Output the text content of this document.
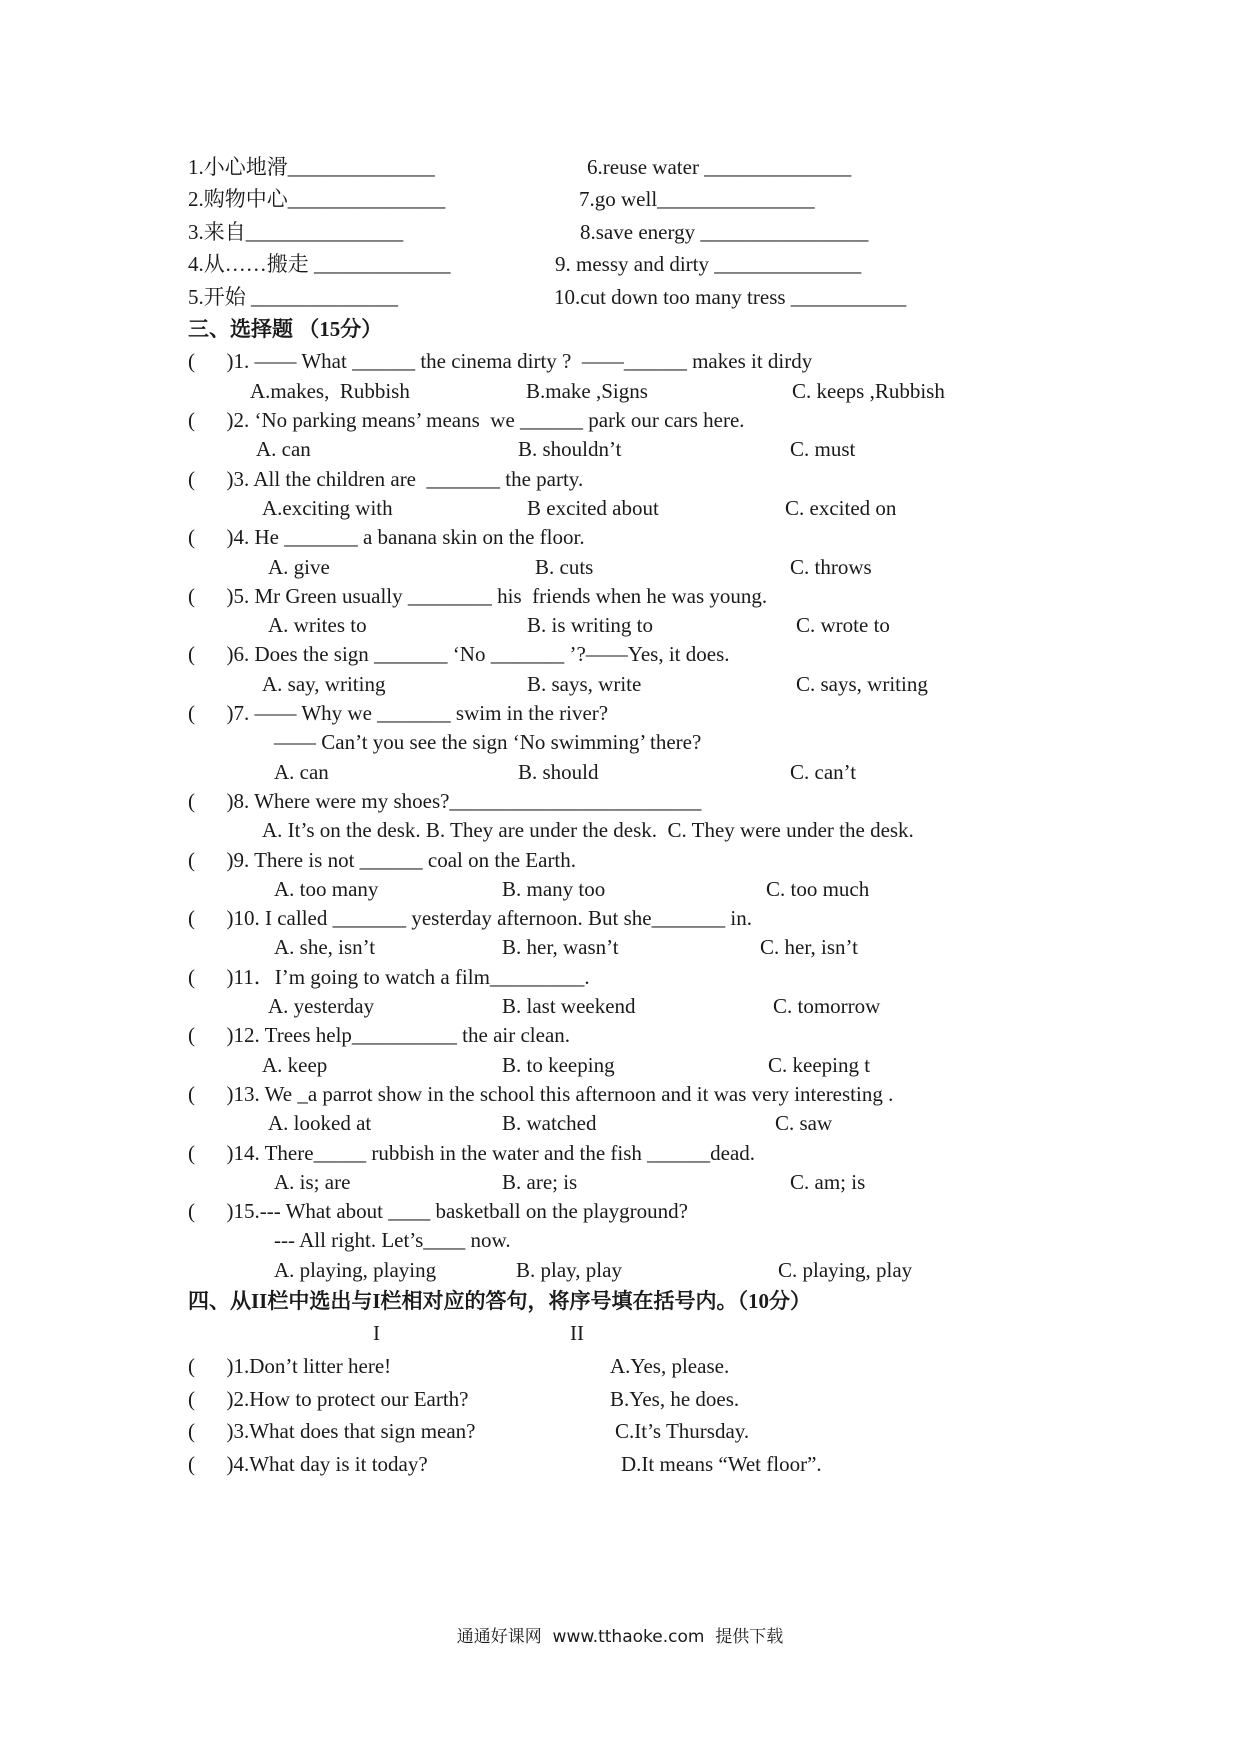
1.小心地滑______________	6.reuse water ______________
2.购物中心_______________	7.go well_______________
3.来自_______________	8.save energy ________________
4.从……搬走 _____________	9. messy and dirty ______________
5.开始 ______________	10.cut down too many tress ___________
三、选择题 （15分）
(      )1. —— What ______ the cinema dirty ?  ——______ makes it dirdy
A.makes,  Rubbish	B.make ,Signs	C. keeps ,Rubbish
(      )2. ‘No parking means’ means  we ______ park our cars here.
A. can	B. shouldn’t	C. must
(      )3. All the children are  _______ the party.
A.exciting with	B excited about	C. excited on
(      )4. He _______ a banana skin on the floor.
A. give	B. cuts	C. throws
(      )5. Mr Green usually ________ his  friends when he was young.
A. writes to	B. is writing to	C. wrote to
(      )6. Does the sign _______ ‘No _______ ’?——Yes, it does.
A. say, writing	B. says, write	C. says, writing
(      )7. —— Why we _______ swim in the river?
—— Can’t you see the sign ‘No swimming’ there?
A. can	B. should	C. can’t
(      )8. Where were my shoes?________________________
A. It’s on the desk. B. They are under the desk.  C. They were under the desk.
(      )9. There is not ______ coal on the Earth.
A. too many	B. many too	C. too much
(      )10. I called _______ yesterday afternoon. But she_______ in.
A. she, isn’t	B. her, wasn’t	C. her, isn’t
(      )11．I’m going to watch a film_________.
A. yesterday	B. last weekend	C. tomorrow
(      )12. Trees help__________ the air clean.
A. keep	B. to keeping	C. keeping t
(      )13. We _a parrot show in the school this afternoon and it was very interesting .
A. looked at	B. watched	C. saw
(      )14. There_____ rubbish in the water and the fish ______dead.
A. is; are	B. are; is	C. am; is
(      )15.--- What about ____ basketball on the playground?
--- All right. Let’s____ now.
A. playing, playing	B. play, play	C. playing, play
四、从II栏中选出与I栏相对应的答句，将序号填在括号内。（10分）
I	II
(      )1.Don’t litter here!	A.Yes, please.
(      )2.How to protect our Earth?	B.Yes, he does.
(      )3.What does that sign mean?	C.It’s Thursday.
(      )4.What day is it today?	D.It means “Wet floor”.
通通好课网  www.tthaoke.com  提供下载
